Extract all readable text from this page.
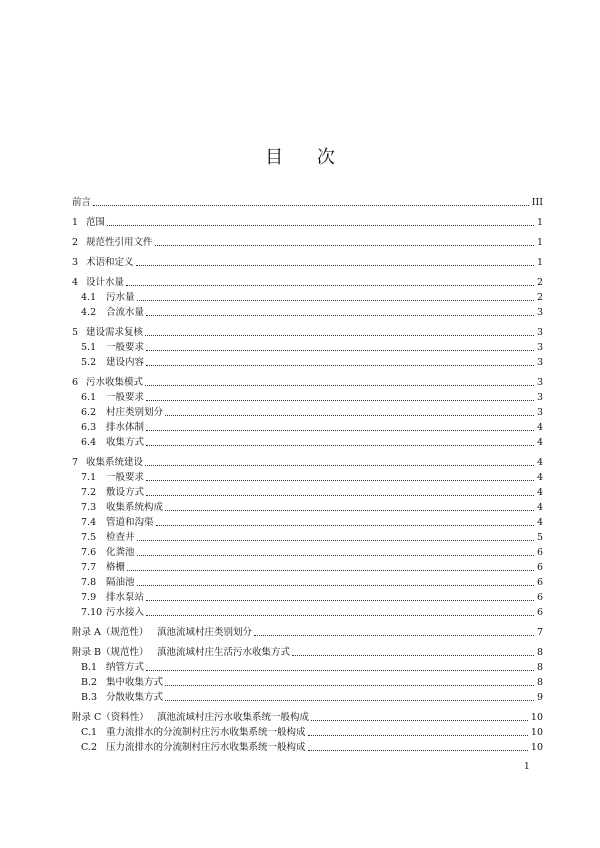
目 次
前言	III
1 范围	1
2 规范性引用文件	1
3 术语和定义	1
4 设计水量	2
4.1 污水量	2
4.2 合流水量	3
5 建设需求复核	3
5.1 一般要求	3
5.2 建设内容	3
6 污水收集模式	3
6.1 一般要求	3
6.2 村庄类别划分	3
6.3 排水体制	4
6.4 收集方式	4
7 收集系统建设	4
7.1 一般要求	4
7.2 敷设方式	4
7.3 收集系统构成	4
7.4 管道和沟渠	4
7.5 检查井	5
7.6 化粪池	6
7.7 格栅	6
7.8 隔油池	6
7.9 排水泵站	6
7.10 污水接入	6
附录 A（规范性） 滇池流域村庄类别划分	7
附录 B（规范性） 滇池流域村庄生活污水收集方式	8
B.1 纳管方式	8
B.2 集中收集方式	8
B.3 分散收集方式	9
附录 C（资料性） 滇池流域村庄污水收集系统一般构成	10
C.1 重力流排水的分流制村庄污水收集系统一般构成	10
C.2 压力流排水的分流制村庄污水收集系统一般构成	10
1
